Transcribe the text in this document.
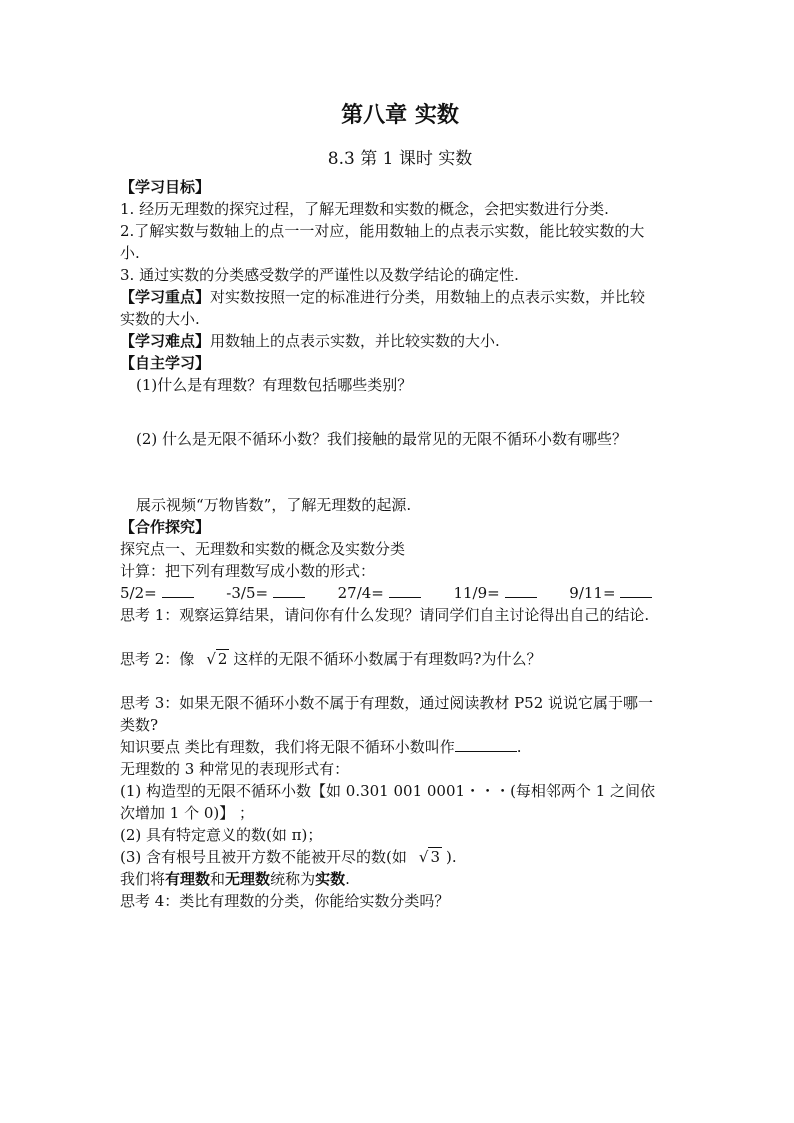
第八章 实数
8.3 第 1 课时 实数

【学习目标】

1. 经历无理数的探究过程，了解无理数和实数的概念，会把实数进行分类.

2.了解实数与数轴上的点一一对应，能用数轴上的点表示实数，能比较实数的大

小.

3. 通过实数的分类感受数学的严谨性以及数学结论的确定性.

【学习重点】对实数按照一定的标准进行分类，用数轴上的点表示实数，并比较

实数的大小.

【学习难点】用数轴上的点表示实数，并比较实数的大小.

【自主学习】

(1)什么是有理数？有理数包括哪些类别？

(2) 什么是无限不循环小数？我们接触的最常见的无限不循环小数有哪些？

展示视频“万物皆数”，了解无理数的起源.

【合作探究】

探究点一、无理数和实数的概念及实数分类

计算：把下列有理数写成小数的形式：

5/2=	-3/5=	27/4=	11/9=	9/11=

思考 1：观察运算结果，请问你有什么发现？请同学们自主讨论得出自己的结论.

思考 2：像 √ 2 这样的无限不循环小数属于有理数吗?为什么？

思考 3：如果无限不循环小数不属于有理数，通过阅读教材 P52 说说它属于哪一

类数?

知识要点 类比有理数，我们将无限不循环小数叫作	.

无理数的 3 种常见的表现形式有：

(1) 构造型的无限不循环小数【如 0.301 001 0001・・・(每相邻两个 1 之间依

次增加 1 个 0)】 ；

(2) 具有特定意义的数(如 π)；

(3) 含有根号且被开方数不能被开尽的数(如 √ 3 ).

我们将有理数和无理数统称为实数.

思考 4：类比有理数的分类，你能给实数分类吗？
